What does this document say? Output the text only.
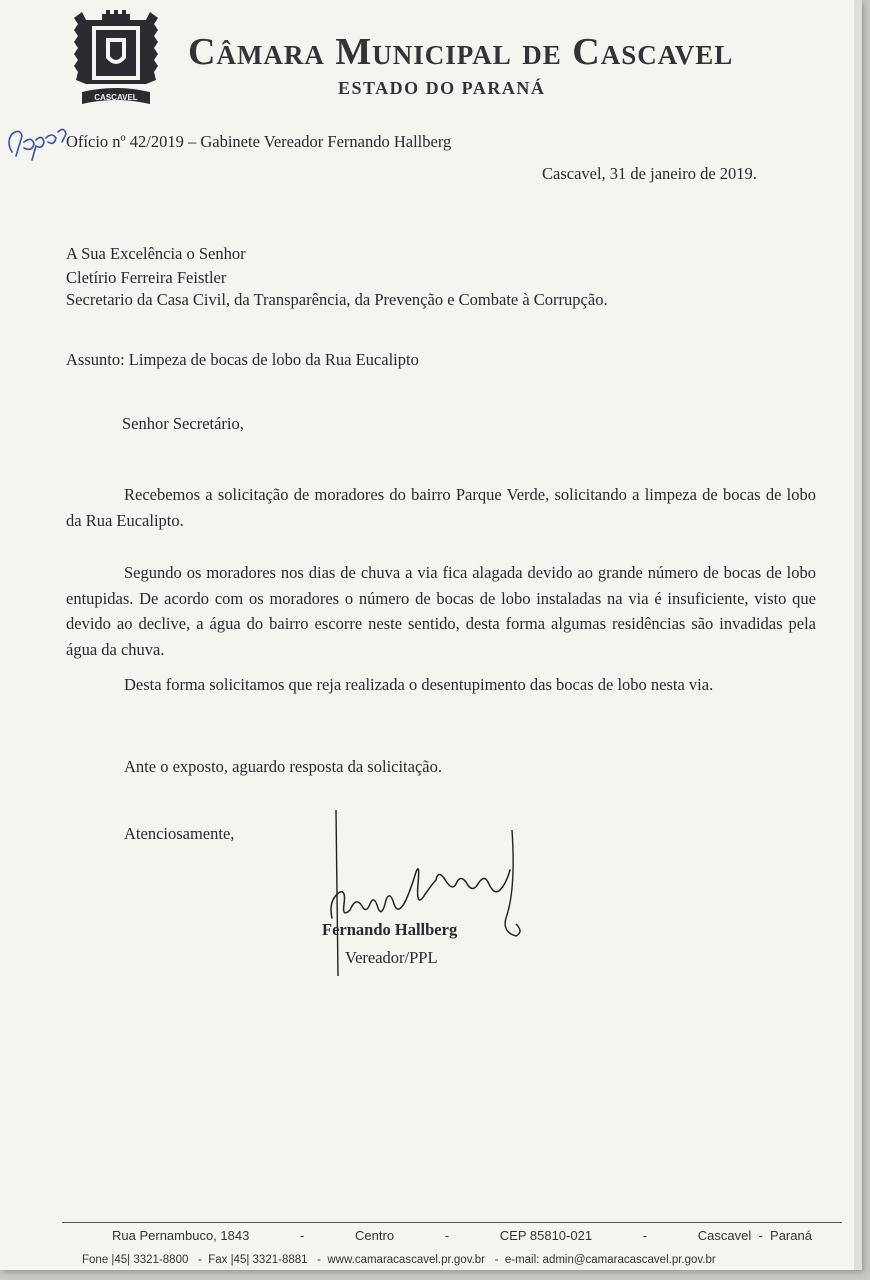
CASCAVEL
Câmara Municipal de Cascavel
ESTADO DO PARANÁ
Ofício nº 42/2019 – Gabinete Vereador Fernando Hallberg
Cascavel, 31 de janeiro de 2019.
A Sua Excelência o Senhor
Cletírio Ferreira Feistler
Secretario da Casa Civil, da Transparência, da Prevenção e Combate à Corrupção.
Assunto: Limpeza de bocas de lobo da Rua Eucalipto
Senhor Secretário,
Recebemos a solicitação de moradores do bairro Parque Verde, solicitando a limpeza de bocas de lobo da Rua Eucalipto.
Segundo os moradores nos dias de chuva a via fica alagada devido ao grande número de bocas de lobo entupidas. De acordo com os moradores o número de bocas de lobo instaladas na via é insuficiente, visto que devido ao declive, a água do bairro escorre neste sentido, desta forma algumas residências são invadidas pela água da chuva.
Desta forma solicitamos que reja realizada o desentupimento das bocas de lobo nesta via.
Ante o exposto, aguardo resposta da solicitação.
Atenciosamente,
Fernando Hallberg
Vereador/PPL
Rua Pernambuco, 1843	-	Centro	-	CEP 85810-021	-	Cascavel  -  Paraná
Fone |45| 3321-8800 - Fax |45| 3321-8881 - www.camaracascavel.pr.gov.br - e-mail: admin@camaracascavel.pr.gov.br
